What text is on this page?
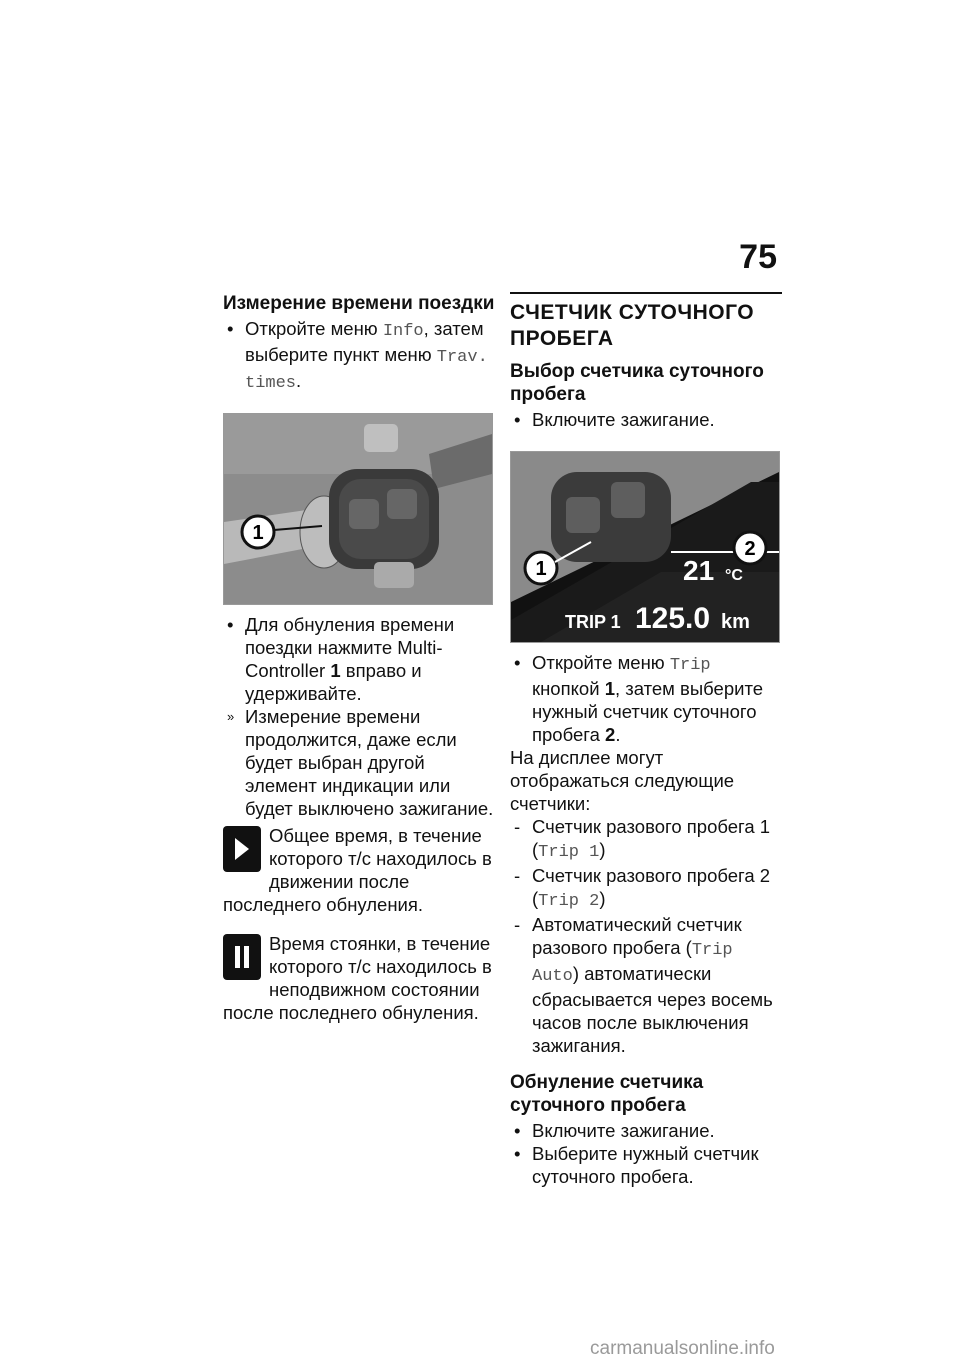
75
Измерение времени поездки

• Откройте меню Info, затем выберите пункт меню Trav. times.

1

• Для обнуления времени поездки нажмите Multi-Controller 1 вправо и удерживайте.

» Измерение времени продолжится, даже если будет выбран другой элемент индикации или будет выключено зажигание.

Общее время, в течение которого т/с находилось в движении после последнего обнуления.
Время стоянки, в течение которого т/с находилось в неподвижном состоянии после последнего обнуления.
СЧЕТЧИК СУТОЧНОГО ПРОБЕГА
Выбор счетчика суточного пробега

• Включите зажигание.

21 °C
TRIP 1 125.0 km
1
2

• Откройте меню Trip кнопкой 1, затем выберите нужный счетчик суточного пробега 2.

На дисплее могут отображаться следующие счетчики:

- Счетчик разового пробега 1 (Trip 1)

- Счетчик разового пробега 2 (Trip 2)

- Автоматический счетчик разового пробега (Trip Auto) автоматически сбрасывается через восемь часов после выключения зажигания.

Обнуление счетчика суточного пробега

• Включите зажигание.

• Выберите нужный счетчик суточного пробега.

carmanualsonline.info
